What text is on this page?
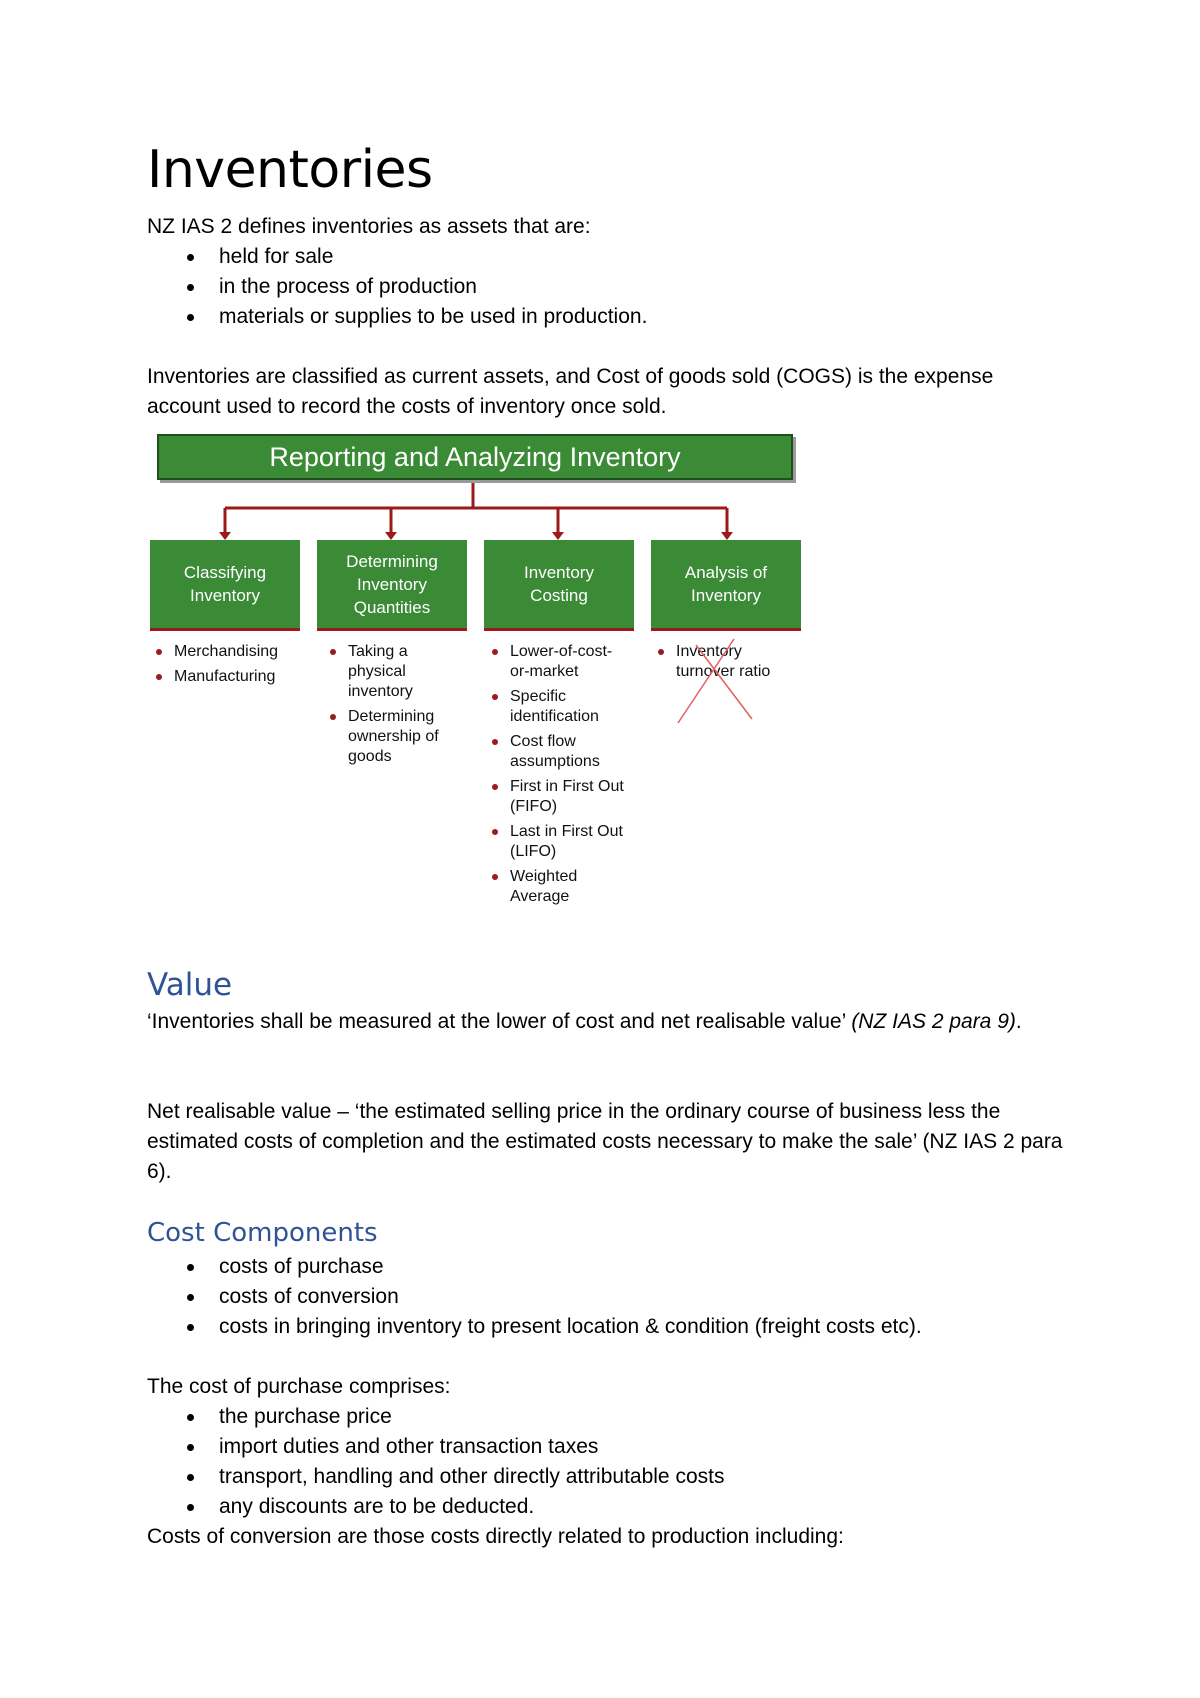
Inventories

NZ IAS 2 defines inventories as assets that are:

held for sale
in the process of production
materials or supplies to be used in production.

Inventories are classified as current assets, and Cost of goods sold (COGS) is the expense account used to record the costs of inventory once sold.

Reporting and Analyzing Inventory
Classifying Inventory
Determining Inventory Quantities
Inventory Costing
Analysis of Inventory
Merchandising
Manufacturing
Taking a physical inventory
Determining ownership of goods
Lower-of-cost-or-market
Specific identification
Cost flow assumptions
First in First Out (FIFO)
Last in First Out (LIFO)
Weighted Average
Inventory turnover ratio
Value

‘Inventories shall be measured at the lower of cost and net realisable value’ (NZ IAS 2 para 9).

Net realisable value – ‘the estimated selling price in the ordinary course of business less the estimated costs of completion and the estimated costs necessary to make the sale’ (NZ IAS 2 para 6).

Cost Components
costs of purchase
costs of conversion
costs in bringing inventory to present location & condition (freight costs etc).

The cost of purchase comprises:

the purchase price
import duties and other transaction taxes
transport, handling and other directly attributable costs
any discounts are to be deducted.

Costs of conversion are those costs directly related to production including:
